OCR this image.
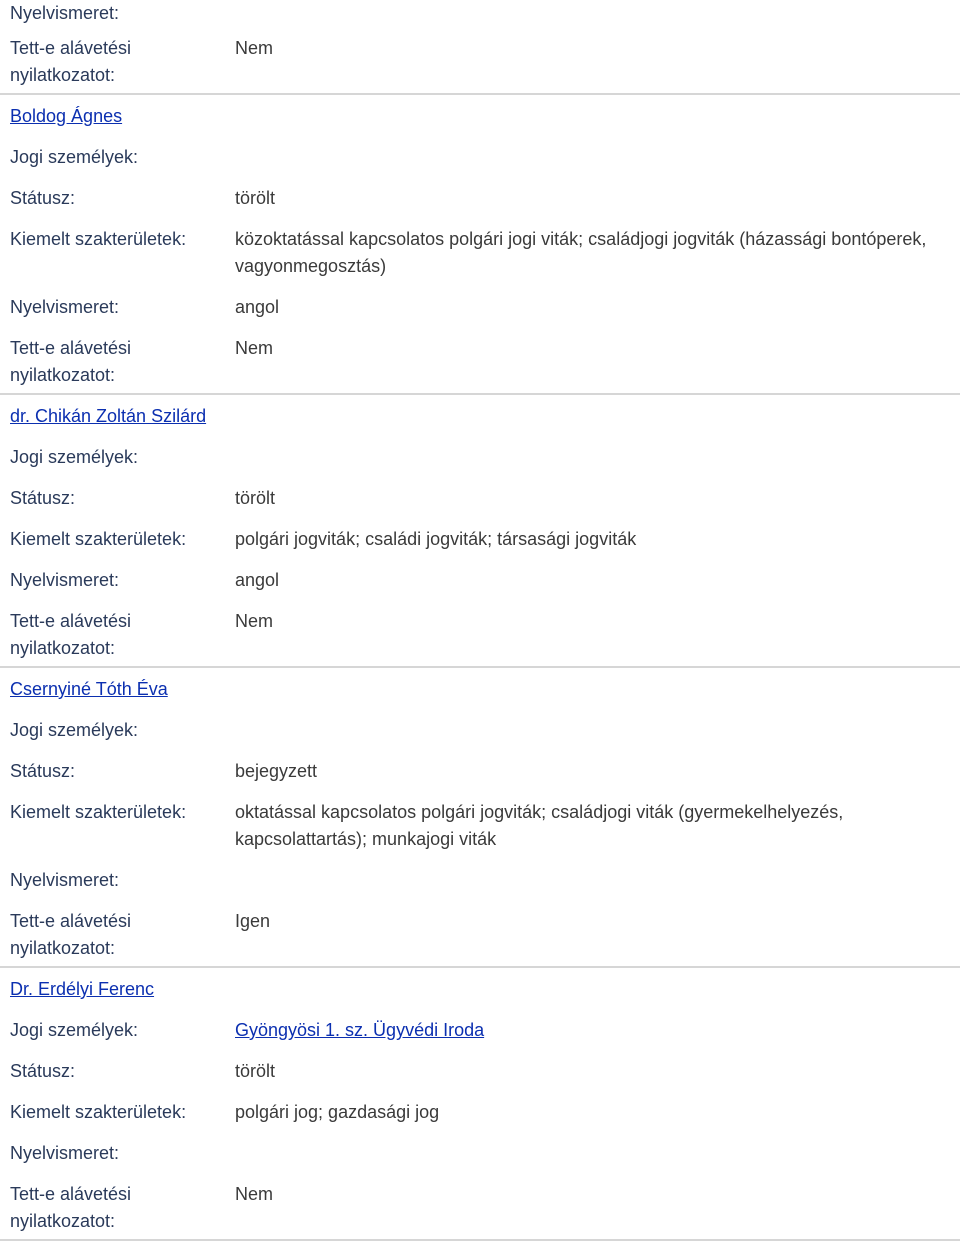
Nyelvismeret:

Tett-e alávetési
nyilatkozatot:
Nem
Boldog Ágnes
Jogi személyek:

Státusz:	törölt
Kiemelt szakterületek:	közoktatással kapcsolatos polgári jogi viták; családjogi jogviták (házassági bontóperek,
vagyonmegosztás)
Nyelvismeret:	angol
Tett-e alávetési
nyilatkozatot:
Nem
dr. Chikán Zoltán Szilárd
Jogi személyek:

Státusz:	törölt
Kiemelt szakterületek:	polgári jogviták; családi jogviták; társasági jogviták
Nyelvismeret:	angol
Tett-e alávetési
nyilatkozatot:
Nem
Csernyiné Tóth Éva
Jogi személyek:

Státusz:	bejegyzett
Kiemelt szakterületek:	oktatással kapcsolatos polgári jogviták; családjogi viták (gyermekelhelyezés,
kapcsolattartás); munkajogi viták
Nyelvismeret:

Tett-e alávetési
nyilatkozatot:
Igen
Dr. Erdélyi Ferenc
Jogi személyek:	Gyöngyösi 1. sz. Ügyvédi Iroda
Státusz:	törölt
Kiemelt szakterületek:	polgári jog; gazdasági jog
Nyelvismeret:

Tett-e alávetési
nyilatkozatot:
Nem
